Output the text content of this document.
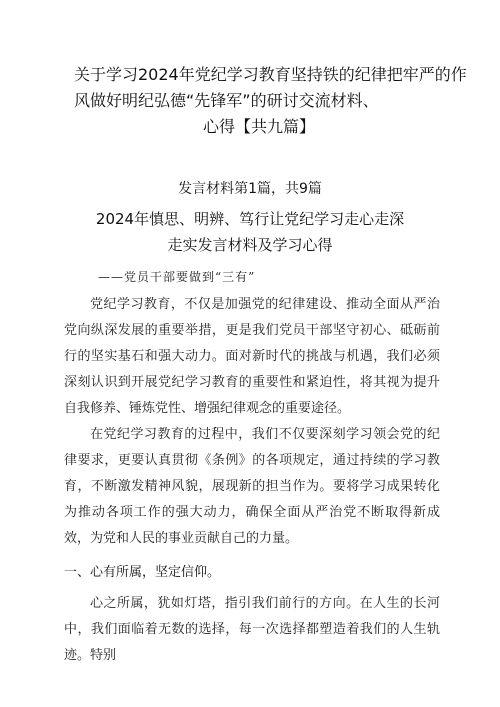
关于学习2024年党纪学习教育坚持铁的纪律把牢严的作
风做好明纪弘德“先锋军”的研讨交流材料、
心得【共九篇】
发言材料第1篇，共9篇
2024年慎思、明辨、笃行让党纪学习走心走深
走实发言材料及学习心得
——党员干部要做到“三有”

党纪学习教育，不仅是加强党的纪律建设、推动全面从严治党向纵深发展的重要举措，更是我们党员干部坚守初心、砥砺前行的坚实基石和强大动力。面对新时代的挑战与机遇，我们必须深刻认识到开展党纪学习教育的重要性和紧迫性，将其视为提升自我修养、锤炼党性、增强纪律观念的重要途径。

在党纪学习教育的过程中，我们不仅要深刻学习领会党的纪律要求，更要认真贯彻《条例》的各项规定，通过持续的学习教育，不断激发精神风貌，展现新的担当作为。要将学习成果转化为推动各项工作的强大动力，确保全面从严治党不断取得新成效，为党和人民的事业贡献自己的力量。

一、心有所属，坚定信仰。

心之所属，犹如灯塔，指引我们前行的方向。在人生的长河中，我们面临着无数的选择，每一次选择都塑造着我们的人生轨迹。特别
